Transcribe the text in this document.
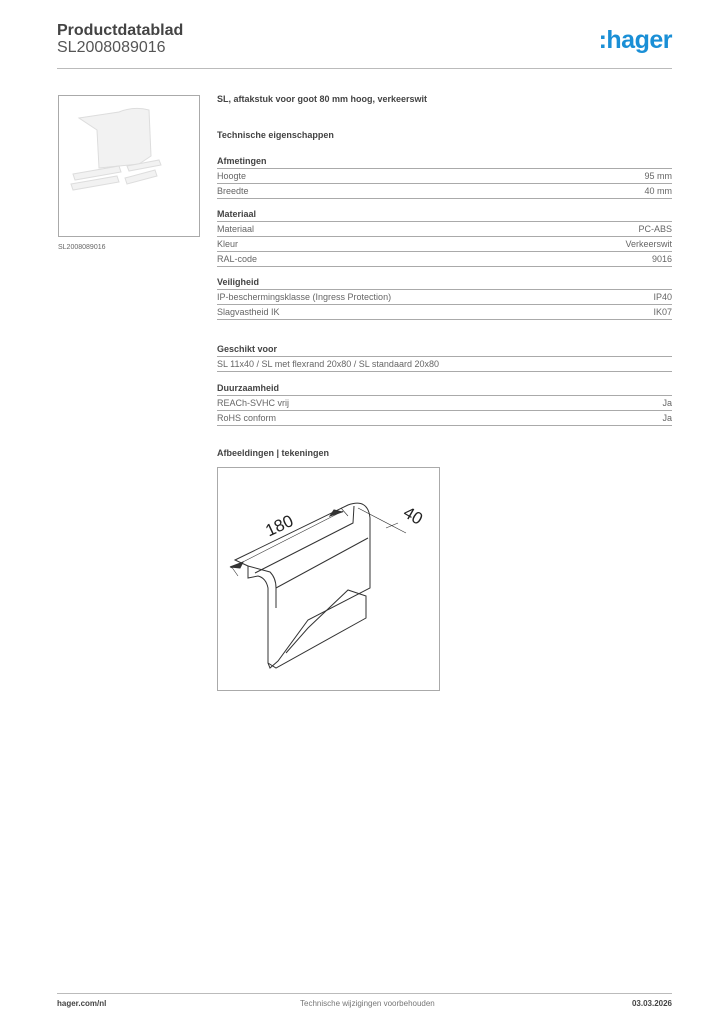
Productdatablad
SL2008089016	:hager
SL2008089016
SL, aftakstuk voor goot 80 mm hoog, verkeerswit
Technische eigenschappen
Afmetingen
Hoogte	95 mm
Breedte	40 mm
Materiaal
Materiaal	PC-ABS
Kleur	Verkeerswit
RAL-code	9016
Veiligheid
IP-beschermingsklasse (Ingress Protection)	IP40
Slagvastheid IK	IK07
Geschikt voor
SL 11x40 / SL met flexrand 20x80 / SL standaard 20x80
Duurzaamheid
REACh-SVHC vrij	Ja
RoHS conform	Ja
Afbeeldingen | tekeningen
180	40
hager.com/nl	Technische wijzigingen voorbehouden	03.03.2026
